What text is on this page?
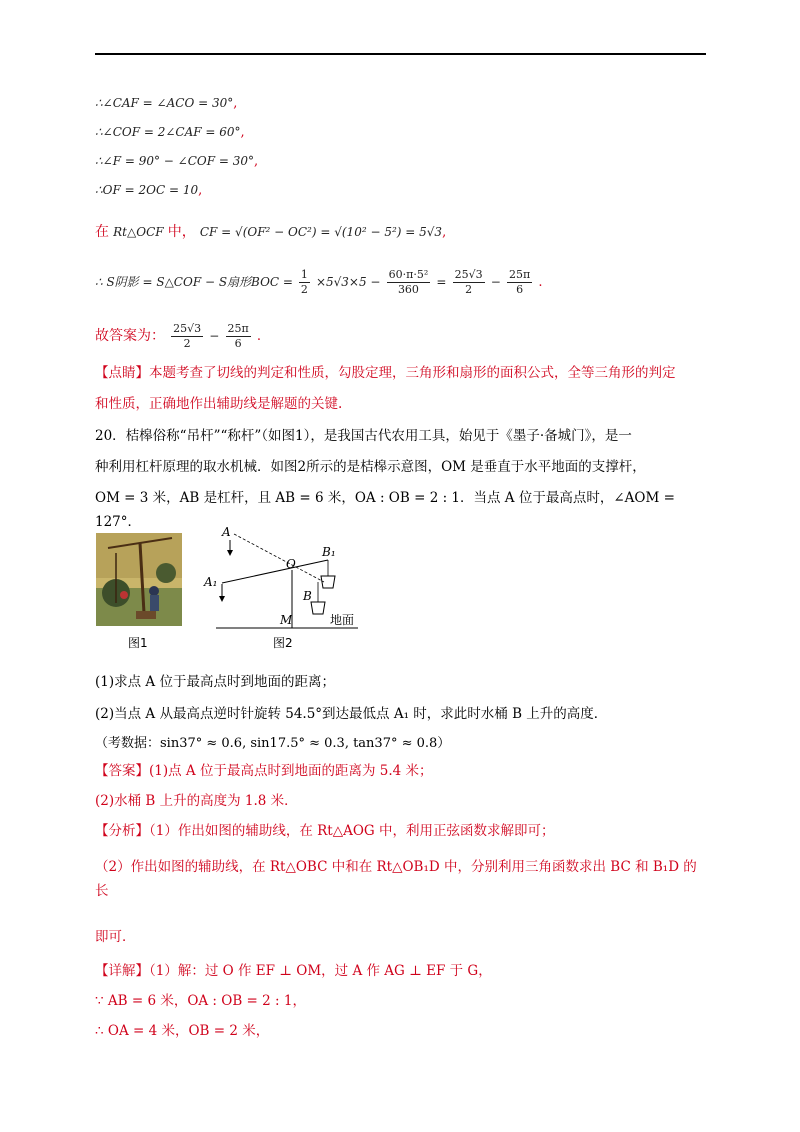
∴∠CAF = ∠ACO = 30°,
∴∠COF = 2∠CAF = 60°,
∴∠F = 90° − ∠COF = 30°,
∴OF = 2OC = 10,
在 Rt△OCF 中， CF = √(OF² − OC²) = √(10² − 5²) = 5√3,
∴ S阴影 = S△COF − S扇形BOC = $\frac{1}{2} \times 5√3\times 5 - \frac{\text{60·π·5²}}{360} = \frac{25√3}{2} - \frac{25\pi}{6}$ .
故答案为： $\frac{25√3}{2} - \frac{25\pi}{6}$ .
【点睛】本题考查了切线的判定和性质，勾股定理，三角形和扇形的面积公式，全等三角形的判定
和性质，正确地作出辅助线是解题的关键.
20．桔槔俗称“吊杆”“称杆”（如图1），是我国古代农用工具，始见于《墨子·备城门》，是一
种利用杠杆原理的取水机械．如图2所示的是桔槔示意图，OM 是垂直于水平地面的支撑杆，
OM = 3 米，AB 是杠杆，且 AB = 6 米，OA : OB = 2 : 1．当点 A 位于最高点时，∠AOM = 127°．
图1
A
A₁
O
B₁
B
M	地面
图2
(1)求点 A 位于最高点时到地面的距离；
(2)当点 A 从最高点逆时针旋转 54.5°到达最低点 A₁ 时，求此时水桶 B 上升的高度．
（考数据：sin37° ≈ 0.6, sin17.5° ≈ 0.3, tan37° ≈ 0.8）
【答案】(1)点 A 位于最高点时到地面的距离为 5.4 米；
(2)水桶 B 上升的高度为 1.8 米．
【分析】（1）作出如图的辅助线，在 Rt△AOG 中，利用正弦函数求解即可；
（2）作出如图的辅助线，在 Rt△OBC 中和在 Rt△OB₁D 中，分别利用三角函数求出 BC 和 B₁D 的长
即可．
【详解】（1）解：过 O 作 EF ⊥ OM，过 A 作 AG ⊥ EF 于 G，
∵ AB = 6 米，OA : OB = 2 : 1，
∴ OA = 4 米，OB = 2 米，
